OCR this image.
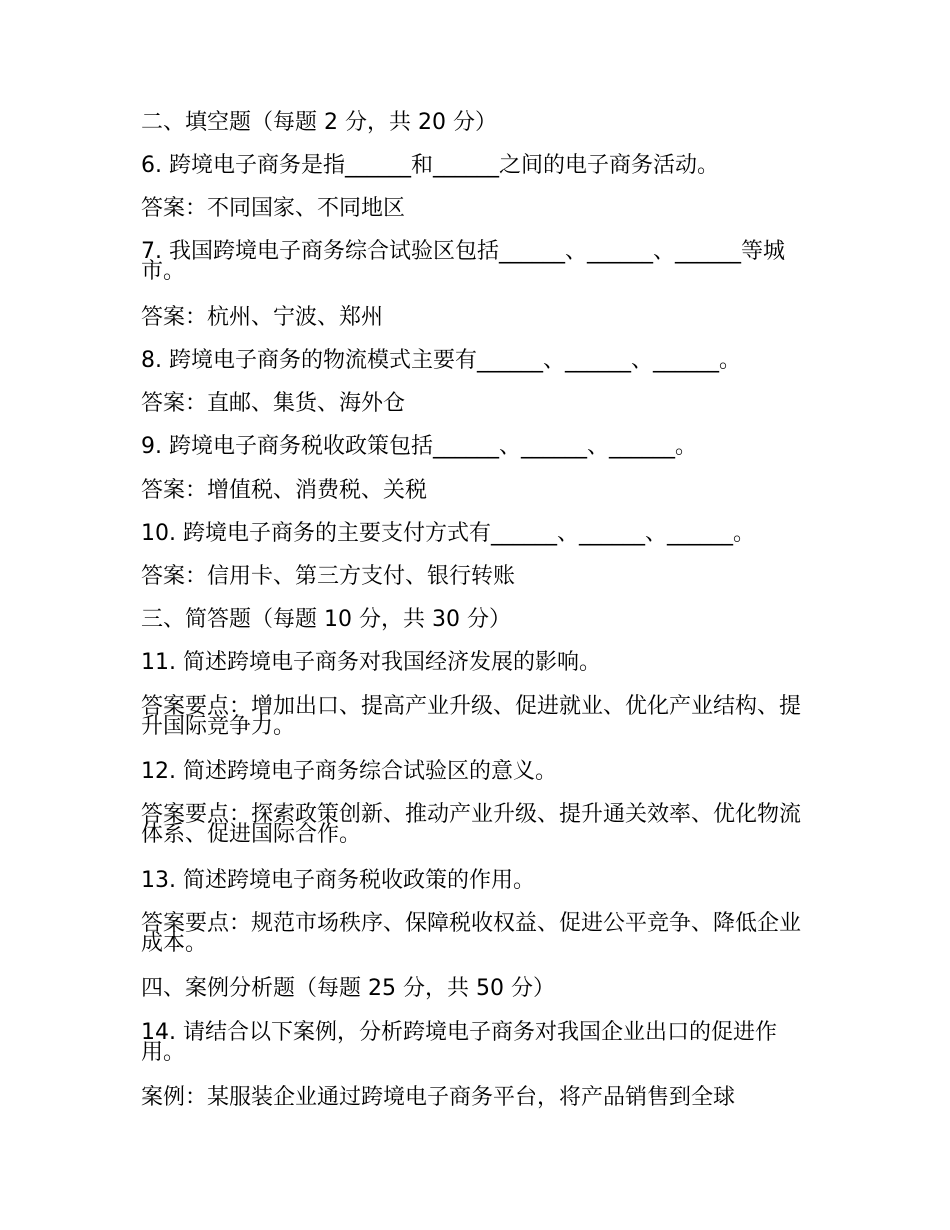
二、填空题（每题 2 分，共 20 分）
6. 跨境电子商务是指______和______之间的电子商务活动。
答案：不同国家、不同地区
7. 我国跨境电子商务综合试验区包括______、______、______等城市。
答案：杭州、宁波、郑州
8. 跨境电子商务的物流模式主要有______、______、______。
答案：直邮、集货、海外仓
9. 跨境电子商务税收政策包括______、______、______。
答案：增值税、消费税、关税
10. 跨境电子商务的主要支付方式有______、______、______。
答案：信用卡、第三方支付、银行转账
三、简答题（每题 10 分，共 30 分）
11. 简述跨境电子商务对我国经济发展的影响。
答案要点：增加出口、提高产业升级、促进就业、优化产业结构、提升国际竞争力。
12. 简述跨境电子商务综合试验区的意义。
答案要点：探索政策创新、推动产业升级、提升通关效率、优化物流体系、促进国际合作。
13. 简述跨境电子商务税收政策的作用。
答案要点：规范市场秩序、保障税收权益、促进公平竞争、降低企业成本。
四、案例分析题（每题 25 分，共 50 分）
14. 请结合以下案例，分析跨境电子商务对我国企业出口的促进作用。
案例：某服装企业通过跨境电子商务平台，将产品销售到全球
